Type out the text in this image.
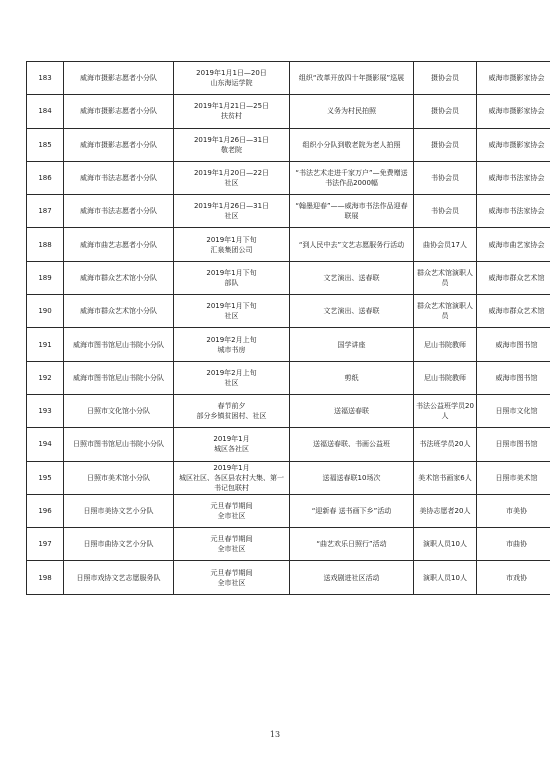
183	威海市摄影志愿者小分队	2019年1月1日—20日
山东海运学院	组织“改革开放四十年摄影展”巡展	摄协会员	威海市摄影家协会

184	威海市摄影志愿者小分队	2019年1月21日—25日
扶贫村	义务为村民拍照	摄协会员	威海市摄影家协会

185	威海市摄影志愿者小分队	2019年1月26日—31日
敬老院	组织小分队到敬老院为老人拍照	摄协会员	威海市摄影家协会

186	威海市书法志愿者小分队	2019年1月20日—22日
社区	“书法艺术走进千家万户”—免费赠送书法作品2000幅	书协会员	威海市书法家协会

187	威海市书法志愿者小分队	2019年1月26日—31日
社区	“翰墨迎春”——威海市书法作品迎春联展	书协会员	威海市书法家协会

188	威海市曲艺志愿者小分队	2019年1月下旬
汇泉集团公司	“到人民中去”文艺志愿服务行活动	曲协会员17人	威海市曲艺家协会

189	威海市群众艺术馆小分队	2019年1月下旬
部队	文艺演出、送春联	群众艺术馆演职人员	威海市群众艺术馆

190	威海市群众艺术馆小分队	2019年1月下旬
社区	文艺演出、送春联	群众艺术馆演职人员	威海市群众艺术馆

191	威海市图书馆尼山书院小分队	2019年2月上旬
城市书房	国学讲座	尼山书院教师	威海市图书馆

192	威海市图书馆尼山书院小分队	2019年2月上旬
社区	剪纸	尼山书院教师	威海市图书馆

193	日照市文化馆小分队	春节前夕
部分乡镇贫困村、社区	送福送春联	书法公益班学员20人	日照市文化馆

194	日照市图书馆尼山书院小分队	2019年1月
城区各社区	送福送春联、书画公益班	书法班学员20人	日照市图书馆

195	日照市美术馆小分队	2019年1月
城区社区、各区县农村大集、第一书记包联村	送福送春联10场次	美术馆书画家6人	日照市美术馆

196	日照市美协文艺小分队	元旦春节期间
全市社区	“迎新春 送书画下乡”活动	美协志愿者20人	市美协

197	日照市曲协文艺小分队	元旦春节期间
全市社区	“曲艺欢乐日照行”活动	演职人员10人	市曲协

198	日照市戏协文艺志愿服务队	元旦春节期间
全市社区	送戏剧进社区活动	演职人员10人	市戏协
13
